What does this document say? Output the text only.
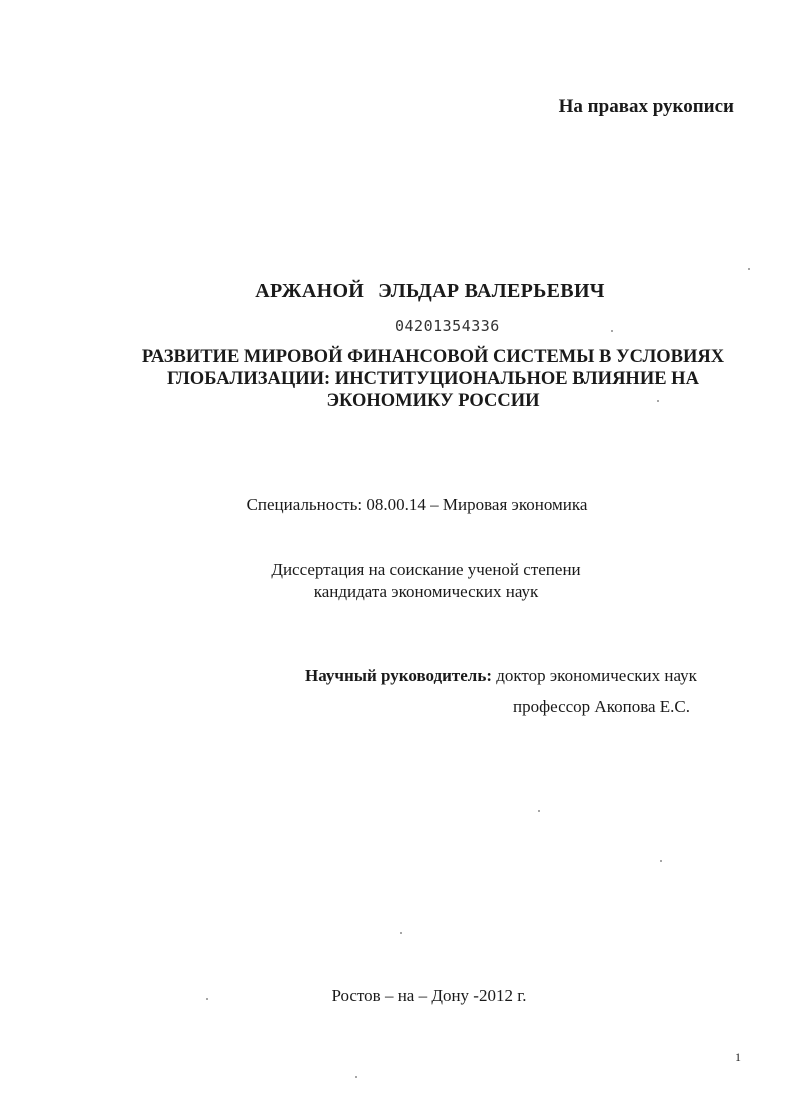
На правах рукописи
АРЖАНОЙ ЭЛЬДАР ВАЛЕРЬЕВИЧ
04201354336
РАЗВИТИЕ МИРОВОЙ ФИНАНСОВОЙ СИСТЕМЫ В УСЛОВИЯХ
ГЛОБАЛИЗАЦИИ: ИНСТИТУЦИОНАЛЬНОЕ ВЛИЯНИЕ НА
ЭКОНОМИКУ РОССИИ
Специальность: 08.00.14 – Мировая экономика
Диссертация на соискание ученой степени
кандидата экономических наук
Научный руководитель: доктор экономических наук
профессор Акопова Е.С.
Ростов – на – Дону -2012 г.
1
